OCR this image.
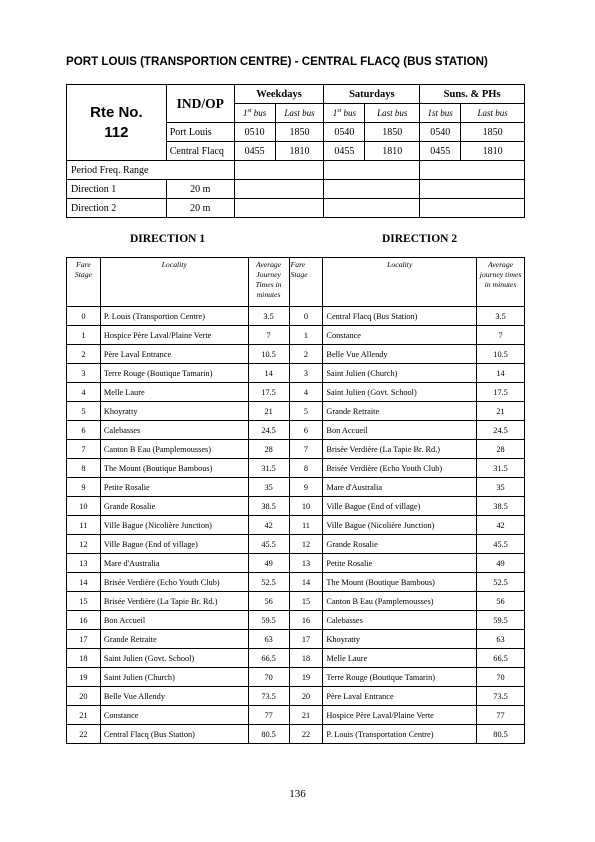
PORT LOUIS (TRANSPORTION CENTRE) - CENTRAL FLACQ (BUS STATION)
Rte No.
112	IND/OP	Weekdays		Saturdays		Suns. & PHs	
		1st bus	Last bus	1st bus	Last bus	1st bus	Last bus
	Port Louis	0510	1850	0540	1850	0540	1850
	Central Flacq	0455	1810	0455	1810	0455	1810
Period Freq. Range							
Direction 1	20 m						
Direction 2	20 m						
DIRECTION 1	DIRECTION 2
Fare Stage	Locality	Average Journey Times in minutes	Fare Stage	Locality	Average journey times in minutes
0	P. Louis (Transportion Centre)	3.5	0	Central Flacq (Bus Station)	3.5
1	Hospice Père Laval/Plaine Verte	7	1	Constance	7
2	Père Laval Entrance	10.5	2	Belle Vue Allendy	10.5
3	Terre Rouge (Boutique Tamarin)	14	3	Saint Julien (Church)	14
4	Melle Laure	17.5	4	Saint Julien (Govt. School)	17.5
5	Khoyratty	21	5	Grande Retraite	21
6	Calebasses	24.5	6	Bon Accueil	24.5
7	Canton B Eau (Pamplemousses)	28	7	Brisée Verdière (La Tapie Br. Rd.)	28
8	The Mount (Boutique Bambous)	31.5	8	Brisée Verdière (Echo Youth Club)	31.5
9	Petite Rosalie	35	9	Mare d'Australia	35
10	Grande Rosalie	38.5	10	Ville Bague (End of village)	38.5
11	Ville Bague (Nicolière Junction)	42	11	Ville Bague (Nicolière Junction)	42
12	Ville Bague (End of village)	45.5	12	Grande Rosalie	45.5
13	Mare d'Australia	49	13	Petite Rosalie	49
14	Brisée Verdière (Echo Youth Club)	52.5	14	The Mount (Boutique Bambous)	52.5
15	Brisée Verdière (La Tapie Br. Rd.)	56	15	Canton B Eau (Pamplemousses)	56
16	Bon Accueil	59.5	16	Calebasses	59.5
17	Grande Retraite	63	17	Khoyratty	63
18	Saint Julien (Govt. School)	66.5	18	Melle Laure	66.5
19	Saint Julien (Church)	70	19	Terre Rouge (Boutique Tamarin)	70
20	Belle Vue Allendy	73.5	20	Père Laval Entrance	73.5
21	Constance	77	21	Hospice Père Laval/Plaine Verte	77
22	Central Flacq (Bus Station)	80.5	22	P. Louis (Transportation Centre)	80.5
136
